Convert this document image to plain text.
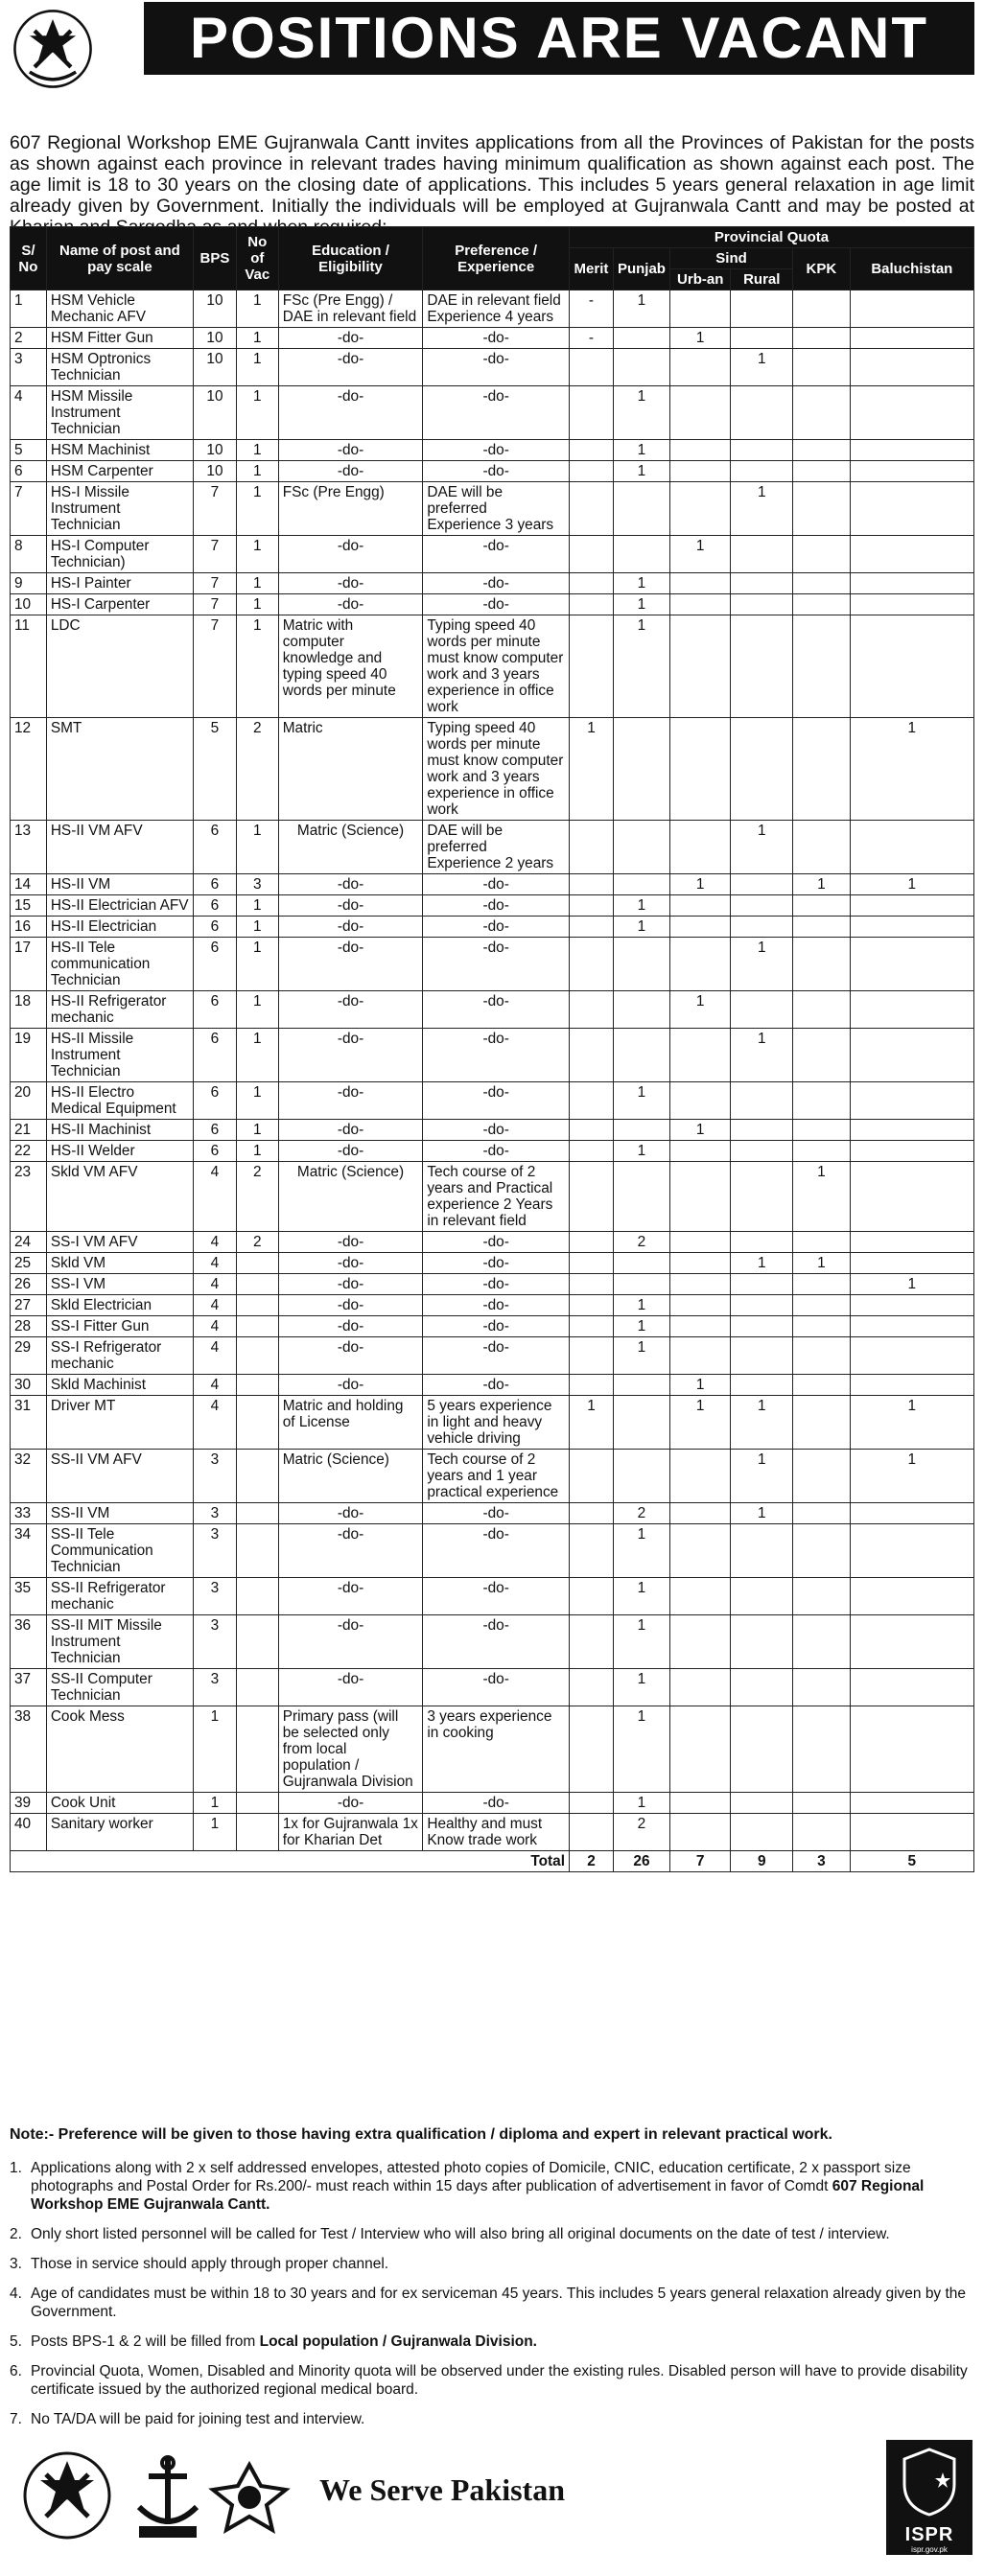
POSITIONS ARE VACANT
607 Regional Workshop EME Gujranwala Cantt invites applications from all the Provinces of Pakistan for the posts as shown against each province in relevant trades having minimum qualification as shown against each post. The age limit is 18 to 30 years on the closing date of applications. This includes 5 years general relaxation in age limit already given by Government. Initially the individuals will be employed at Gujranwala Cantt and may be posted at
S/ No	Name of post and pay scale	BPS	No of Vac	Education / Eligibility	Preference / Experience	Provincial Quota					
						Merit	Punjab	Sind		KPK	Baluchistan
								Urb-an	Rural		
1	HSM Vehicle Mechanic AFV	10	1	FSc (Pre Engg) / DAE in relevant field	DAE in relevant field Experience 4 years	-	1				
2	HSM Fitter Gun	10	1	-do-	-do-	-		1			
3	HSM Optronics Technician	10	1	-do-	-do-				1		
4	HSM Missile Instrument Technician	10	1	-do-	-do-		1				
5	HSM Machinist	10	1	-do-	-do-		1				
6	HSM Carpenter	10	1	-do-	-do-		1				
7	HS-I Missile Instrument Technician	7	1	FSc (Pre Engg)	DAE will be preferred Experience 3 years				1		
8	HS-I Computer Technician)	7	1	-do-	-do-			1			
9	HS-I Painter	7	1	-do-	-do-		1				
10	HS-I Carpenter	7	1	-do-	-do-		1				
11	LDC	7	1	Matric with computer knowledge and typing speed 40 words per minute	Typing speed 40 words per minute must know computer work and 3 years experience in office work		1				
12	SMT	5	2	Matric	Typing speed 40 words per minute must know computer work and 3 years experience in office work	1					1
13	HS-II VM AFV	6	1	Matric (Science)	DAE will be preferred Experience 2 years				1		
14	HS-II VM	6	3	-do-	-do-			1		1	1
15	HS-II Electrician AFV	6	1	-do-	-do-		1				
16	HS-II Electrician	6	1	-do-	-do-		1				
17	HS-II Tele communication Technician	6	1	-do-	-do-				1		
18	HS-II Refrigerator mechanic	6	1	-do-	-do-			1			
19	HS-II Missile Instrument Technician	6	1	-do-	-do-				1		
20	HS-II Electro Medical Equipment	6	1	-do-	-do-		1				
21	HS-II Machinist	6	1	-do-	-do-			1			
22	HS-II Welder	6	1	-do-	-do-		1				
23	Skld VM AFV	4	2	Matric (Science)	Tech course of 2 years and Practical experience 2 Years in relevant field					1	
24	SS-I VM AFV	4	2	-do-	-do-		2				
25	Skld VM	4		-do-	-do-				1	1	
26	SS-I VM	4		-do-	-do-						1
27	Skld Electrician	4		-do-	-do-		1				
28	SS-I Fitter Gun	4		-do-	-do-		1				
29	SS-I Refrigerator mechanic	4		-do-	-do-		1				
30	Skld Machinist	4		-do-	-do-			1			
31	Driver MT	4		Matric and holding of License	5 years experience in light and heavy vehicle driving	1		1	1		1
32	SS-II VM AFV	3		Matric (Science)	Tech course of 2 years and 1 year practical experience				1		1
33	SS-II VM	3		-do-	-do-		2		1		
34	SS-II Tele Communication Technician	3		-do-	-do-		1				
35	SS-II Refrigerator mechanic	3		-do-	-do-		1				
36	SS-II MIT Missile Instrument Technician	3		-do-	-do-		1				
37	SS-II Computer Technician	3		-do-	-do-		1				
38	Cook Mess	1		Primary pass (will be selected only from local population / Gujranwala Division	3 years experience in cooking		1				
39	Cook Unit	1		-do-	-do-		1				
40	Sanitary worker	1		1x for Gujranwala 1x for Kharian Det	Healthy and must Know trade work		2				
Total						2	26	7	9	3	5
Note:- Preference will be given to those having extra qualification / diploma and expert in relevant practical work.
1. Applications along with 2 x self addressed envelopes, attested photo copies of Domicile, CNIC, education certificate, 2 x passport size photographs and Postal Order for Rs.200/- must reach within 15 days after publication of advertisement in favor of Comdt 607 Regional Workshop EME Gujranwala Cantt.
2. Only short listed personnel will be called for Test / Interview who will also bring all original documents on the date of test / interview.
3. Those in service should apply through proper channel.
4. Age of candidates must be within 18 to 30 years and for ex serviceman 45 years. This includes 5 years general relaxation already given by the Government.
5. Posts BPS-1 & 2 will be filled from Local population / Gujranwala Division.
6. Provincial Quota, Women, Disabled and Minority quota will be observed under the existing rules. Disabled person will have to provide disability certificate issued by the authorized regional medical board.
7. No TA/DA will be paid for joining test and interview.
We Serve Pakistan
ISPR
ispr.gov.pk
